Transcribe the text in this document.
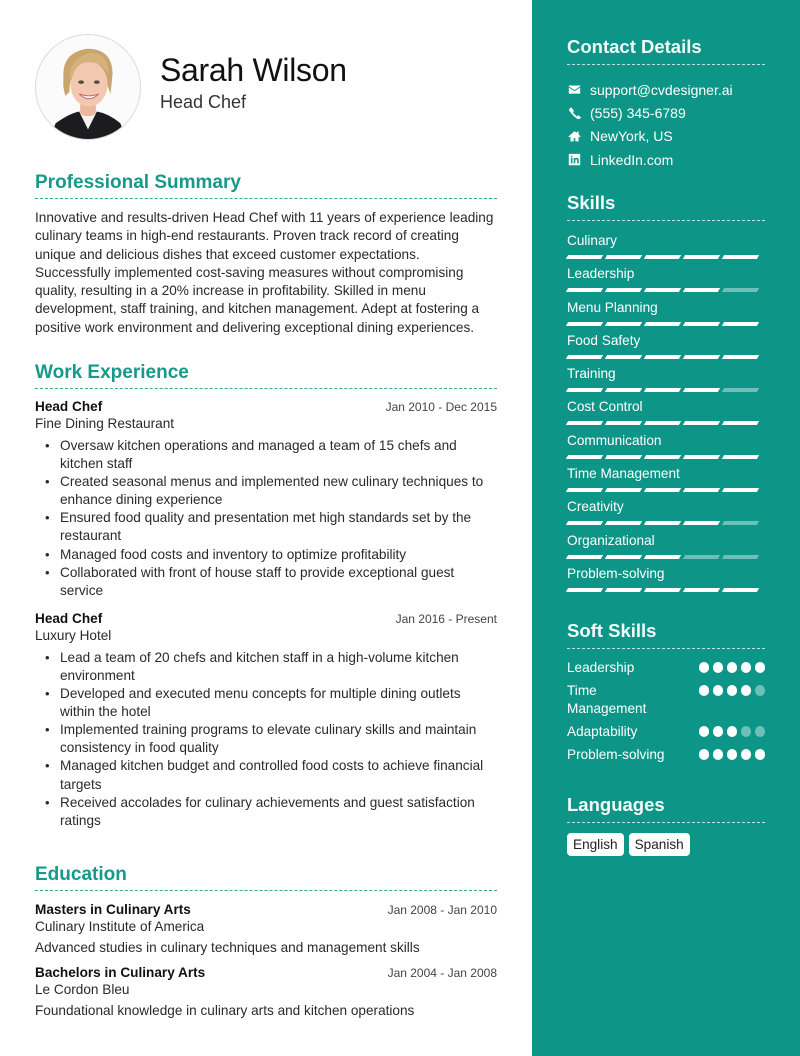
Sarah Wilson
Head Chef
Professional Summary

Innovative and results-driven Head Chef with 11 years of experience leading culinary teams in high-end restaurants. Proven track record of creating unique and delicious dishes that exceed customer expectations. Successfully implemented cost-saving measures without compromising quality, resulting in a 20% increase in profitability. Skilled in menu development, staff training, and kitchen management. Adept at fostering a positive work environment and delivering exceptional dining experiences.

Work Experience
Head Chef	Jan 2010 - Dec 2015
Fine Dining Restaurant
• Oversaw kitchen operations and managed a team of 15 chefs and kitchen staff
• Created seasonal menus and implemented new culinary techniques to enhance dining experience
• Ensured food quality and presentation met high standards set by the restaurant
• Managed food costs and inventory to optimize profitability
• Collaborated with front of house staff to provide exceptional guest service
Head Chef	Jan 2016 - Present
Luxury Hotel
• Lead a team of 20 chefs and kitchen staff in a high-volume kitchen environment
• Developed and executed menu concepts for multiple dining outlets within the hotel
• Implemented training programs to elevate culinary skills and maintain consistency in food quality
• Managed kitchen budget and controlled food costs to achieve financial targets
• Received accolades for culinary achievements and guest satisfaction ratings
Education
Masters in Culinary Arts	Jan 2008 - Jan 2010
Culinary Institute of America
Advanced studies in culinary techniques and management skills
Bachelors in Culinary Arts	Jan 2004 - Jan 2008
Le Cordon Bleu
Foundational knowledge in culinary arts and kitchen operations
Contact Details
support@cvdesigner.ai
(555) 345-6789
NewYork, US
LinkedIn.com
Skills
Culinary
Leadership
Menu Planning
Food Safety
Training
Cost Control
Communication
Time Management
Creativity
Organizational
Problem-solving
Soft Skills
Leadership
Time Management
Adaptability
Problem-solving
Languages
English	Spanish
